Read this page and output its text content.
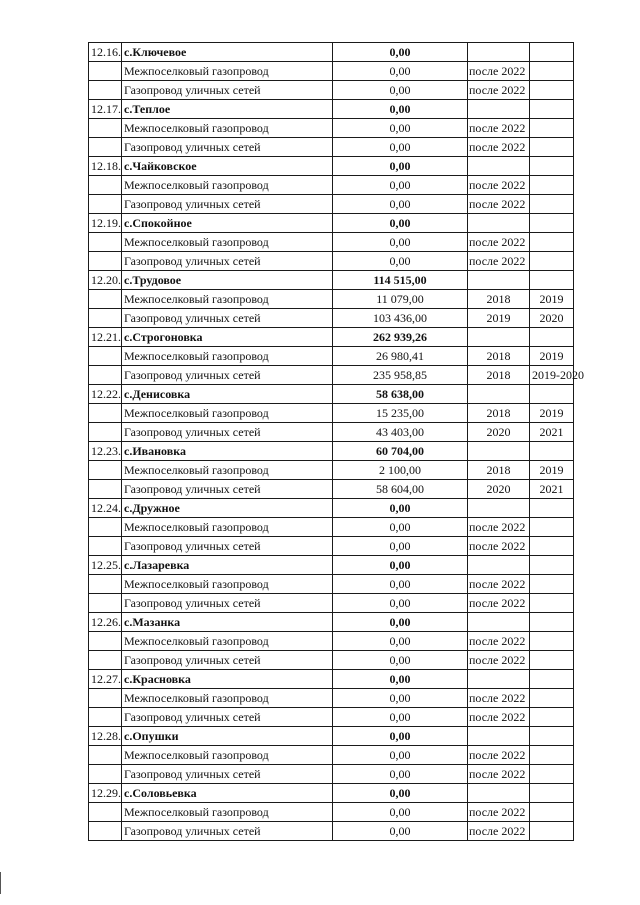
12.16.	с.Ключевое	0,00		
	Межпоселковый газопровод	0,00	после 2022	
	Газопровод уличных сетей	0,00	после 2022	
12.17.	с.Теплое	0,00		
	Межпоселковый газопровод	0,00	после 2022	
	Газопровод уличных сетей	0,00	после 2022	
12.18.	с.Чайковское	0,00		
	Межпоселковый газопровод	0,00	после 2022	
	Газопровод уличных сетей	0,00	после 2022	
12.19.	с.Спокойное	0,00		
	Межпоселковый газопровод	0,00	после 2022	
	Газопровод уличных сетей	0,00	после 2022	
12.20.	с.Трудовое	114 515,00		
	Межпоселковый газопровод	11 079,00	2018	2019
	Газопровод уличных сетей	103 436,00	2019	2020
12.21.	с.Строгоновка	262 939,26		
	Межпоселковый газопровод	26 980,41	2018	2019
	Газопровод уличных сетей	235 958,85	2018	2019-2020
12.22.	с.Денисовка	58 638,00		
	Межпоселковый газопровод	15 235,00	2018	2019
	Газопровод уличных сетей	43 403,00	2020	2021
12.23.	с.Ивановка	60 704,00		
	Межпоселковый газопровод	2 100,00	2018	2019
	Газопровод уличных сетей	58 604,00	2020	2021
12.24.	с.Дружное	0,00		
	Межпоселковый газопровод	0,00	после 2022	
	Газопровод уличных сетей	0,00	после 2022	
12.25.	с.Лазаревка	0,00		
	Межпоселковый газопровод	0,00	после 2022	
	Газопровод уличных сетей	0,00	после 2022	
12.26.	с.Мазанка	0,00		
	Межпоселковый газопровод	0,00	после 2022	
	Газопровод уличных сетей	0,00	после 2022	
12.27.	с.Красновка	0,00		
	Межпоселковый газопровод	0,00	после 2022	
	Газопровод уличных сетей	0,00	после 2022	
12.28.	с.Опушки	0,00		
	Межпоселковый газопровод	0,00	после 2022	
	Газопровод уличных сетей	0,00	после 2022	
12.29.	с.Соловьевка	0,00		
	Межпоселковый газопровод	0,00	после 2022	
	Газопровод уличных сетей	0,00	после 2022	
